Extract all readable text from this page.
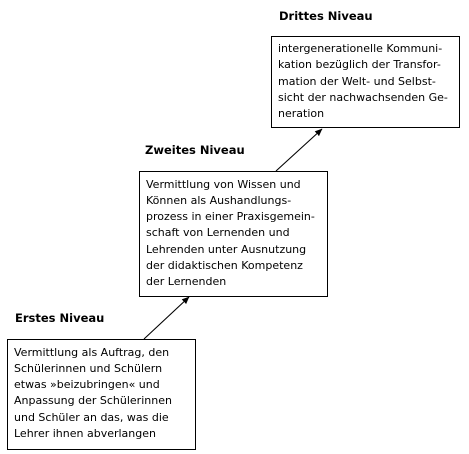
Erstes Niveau
Vermittlung als Auftrag, den
Schülerinnen und Schülern
etwas »beizubringen« und
Anpassung der Schülerinnen
und Schüler an das, was die
Lehrer ihnen abverlangen
Zweites Niveau
Vermittlung von Wissen und
Können als Aushandlungs-
prozess in einer Praxisgemein-
schaft von Lernenden und
Lehrenden unter Ausnutzung
der didaktischen Kompetenz
der Lernenden
Drittes Niveau
intergenerationelle Kommuni-
kation bezüglich der Transfor-
mation der Welt- und Selbst-
sicht der nachwachsenden Ge-
neration
